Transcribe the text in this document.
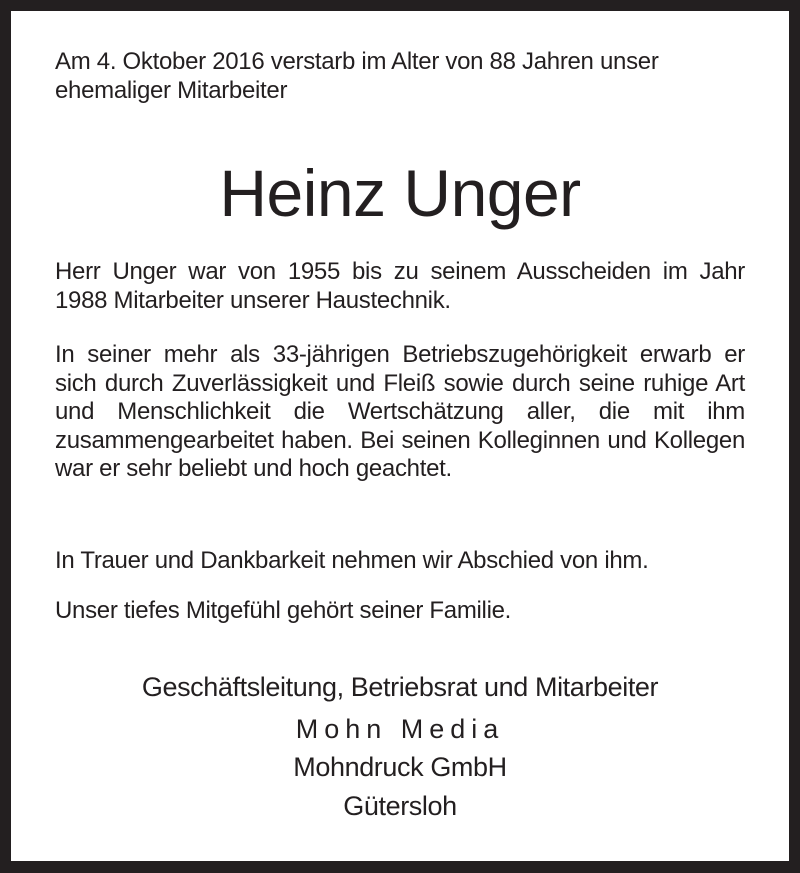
Am 4. Oktober 2016 verstarb im Alter von 88 Jahren unser ehemaliger Mitarbeiter
Heinz Unger
Herr Unger war von 1955 bis zu seinem Ausscheiden im Jahr 1988 Mitarbeiter unserer Haustechnik.
In seiner mehr als 33-jährigen Betriebszugehörigkeit erwarb er sich durch Zuverlässigkeit und Fleiß sowie durch seine ruhige Art und Menschlichkeit die Wertschätzung aller, die mit ihm zusammengearbeitet haben. Bei seinen Kolleginnen und Kollegen war er sehr beliebt und hoch geachtet.
In Trauer und Dankbarkeit nehmen wir Abschied von ihm.
Unser tiefes Mitgefühl gehört seiner Familie.
Geschäftsleitung, Betriebsrat und Mitarbeiter
Mohn Media
Mohndruck GmbH
Gütersloh
